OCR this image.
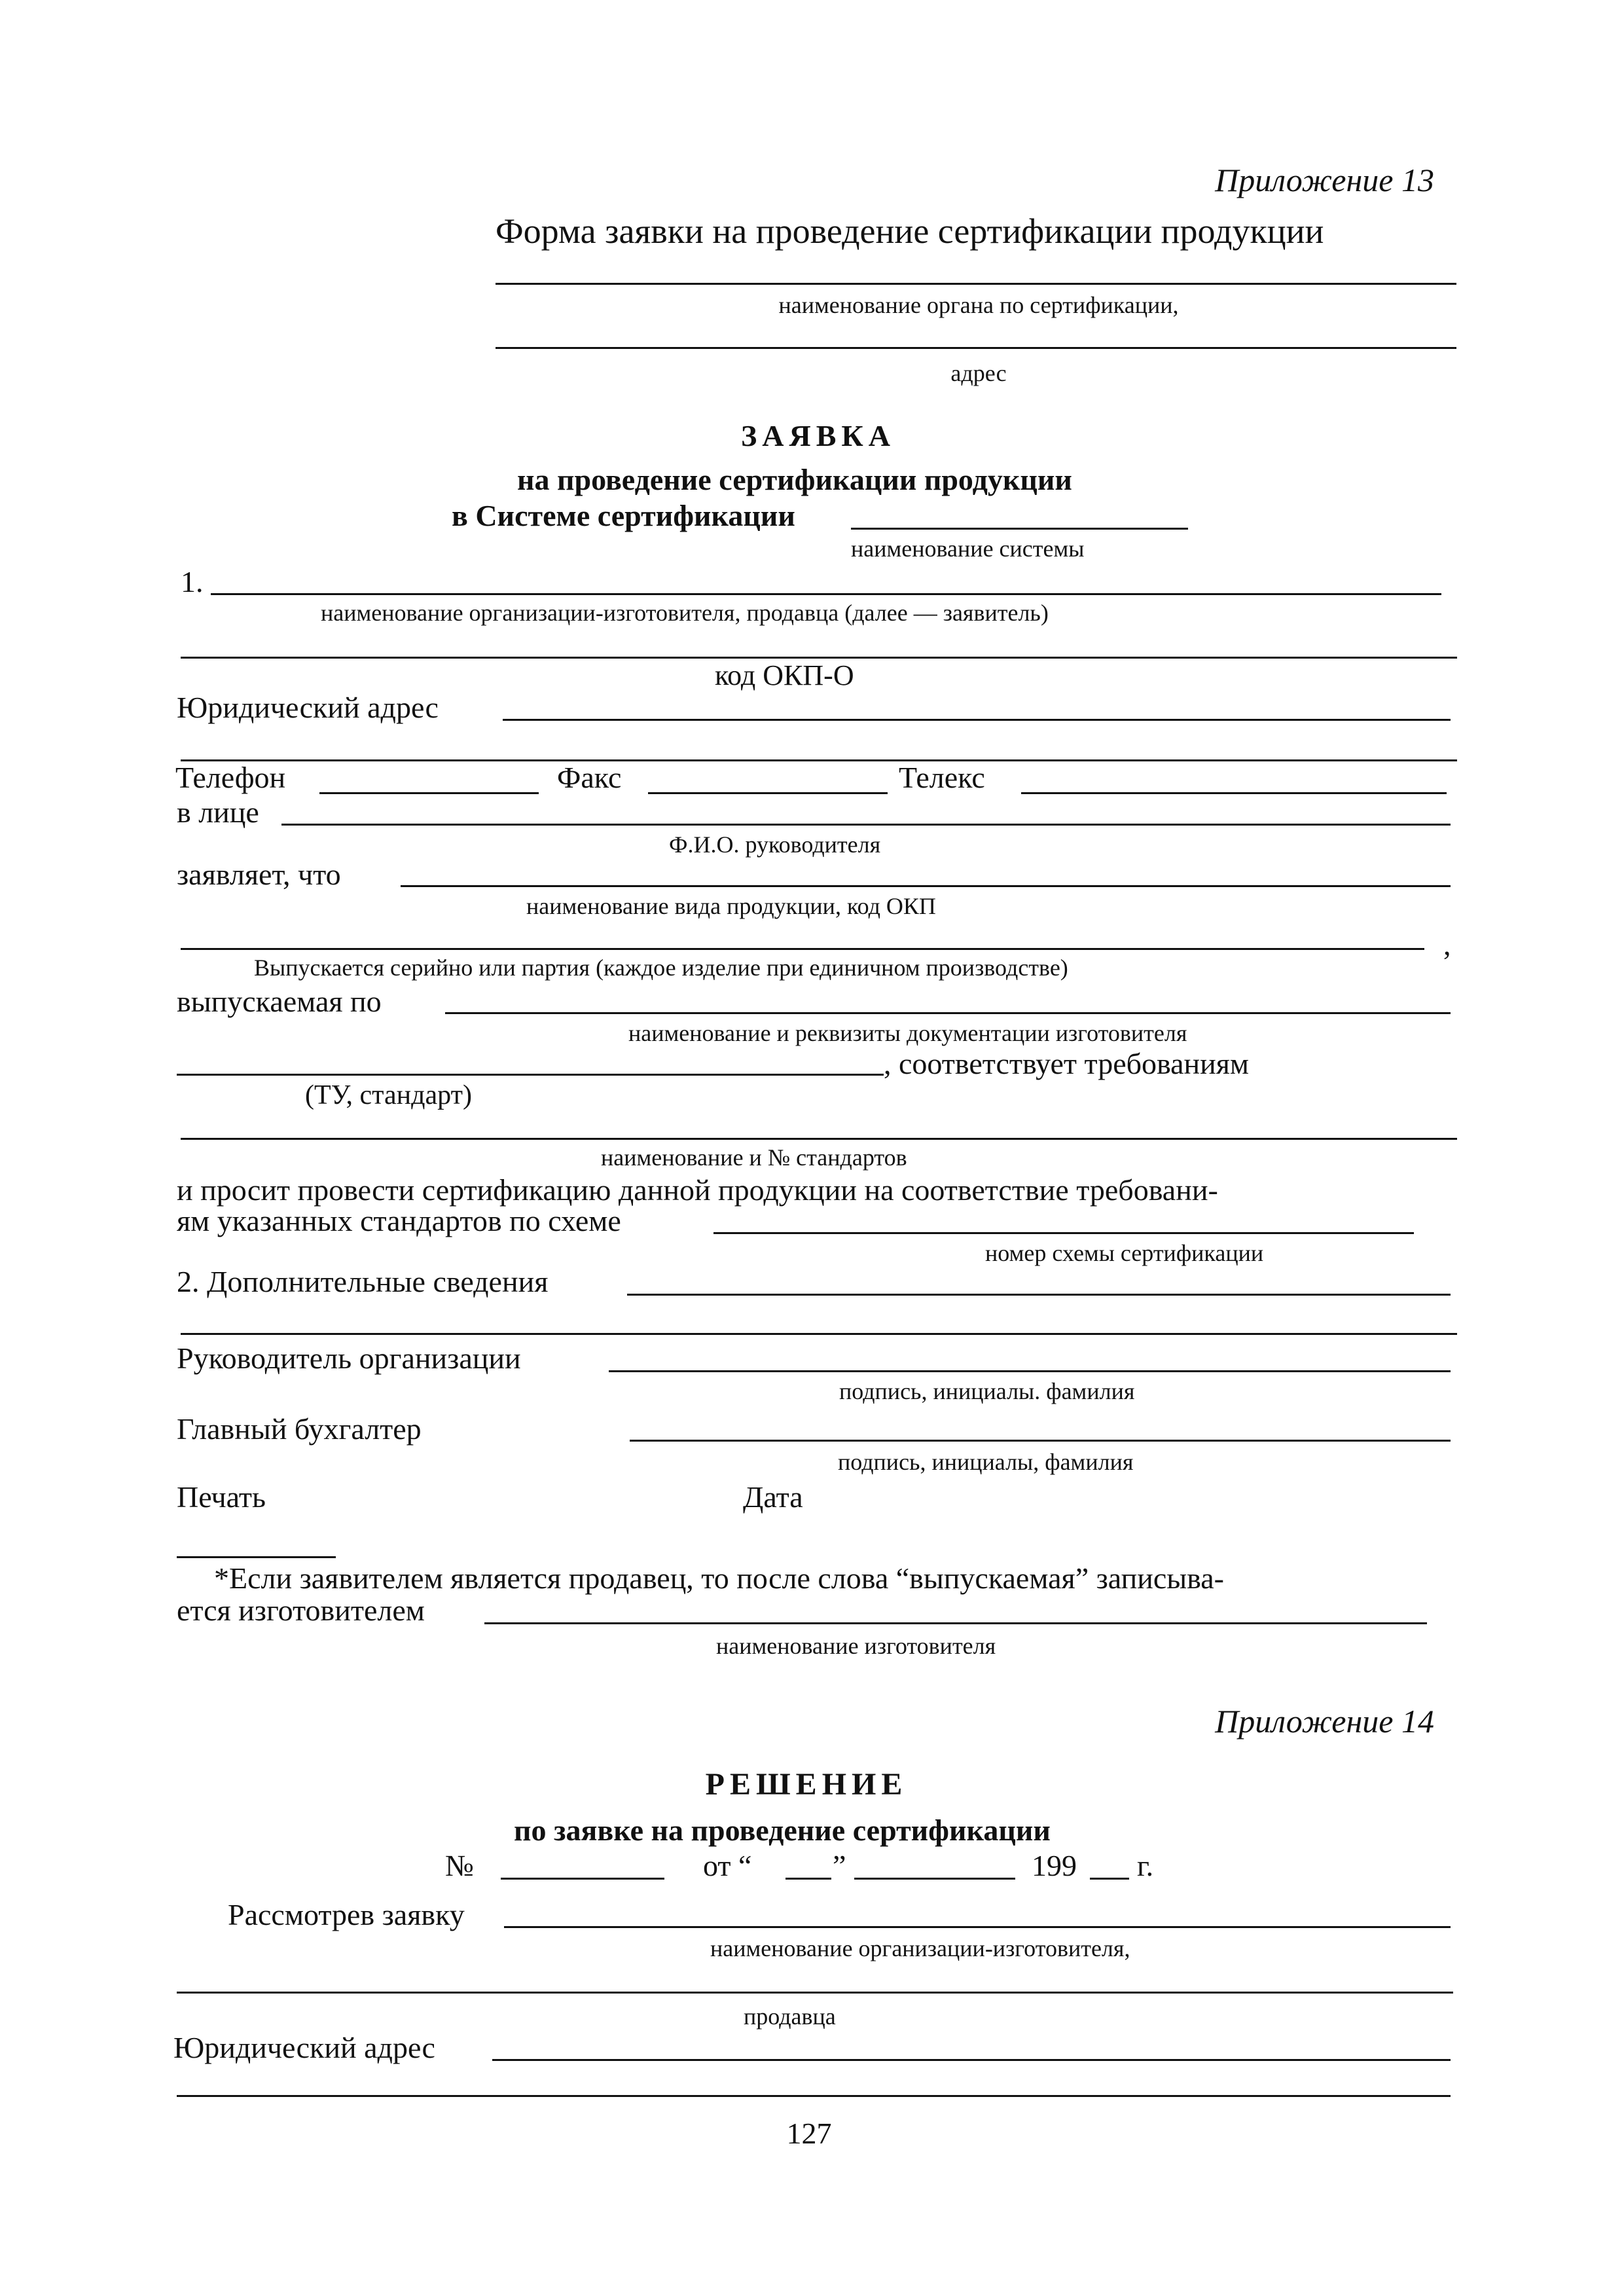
Приложение 13
Форма заявки на проведение сертификации продукции
наименование органа по сертификации,
адрес
ЗАЯВКА
на проведение сертификации продукции
в Системе сертификации
наименование системы
1.
наименование организации-изготовителя, продавца (далее — заявитель)
код ОКП-О
Юридический адрес
Телефон	Факс	Телекс
в лице
Ф.И.О. руководителя
заявляет, что
наименование вида продукции, код ОКП
,
Выпускается серийно или партия (каждое изделие при единичном производстве)
выпускаемая по
наименование и реквизиты документации изготовителя
, соответствует требованиям
(ТУ, стандарт)
наименование и № стандартов
и просит провести сертификацию данной продукции на соответствие требовани-
ям указанных стандартов по схеме
номер схемы сертификации
2. Дополнительные сведения
Руководитель организации
подпись, инициалы. фамилия
Главный бухгалтер
подпись, инициалы, фамилия
Печать	Дата
*Если заявителем является продавец, то после слова “выпускаемая” записыва-
ется изготовителем
наименование изготовителя
Приложение 14
РЕШЕНИЕ
по заявке на проведение сертификации
№	от “	”	199 г.
Рассмотрев заявку
наименование организации-изготовителя,
продавца
Юридический адрес
127
